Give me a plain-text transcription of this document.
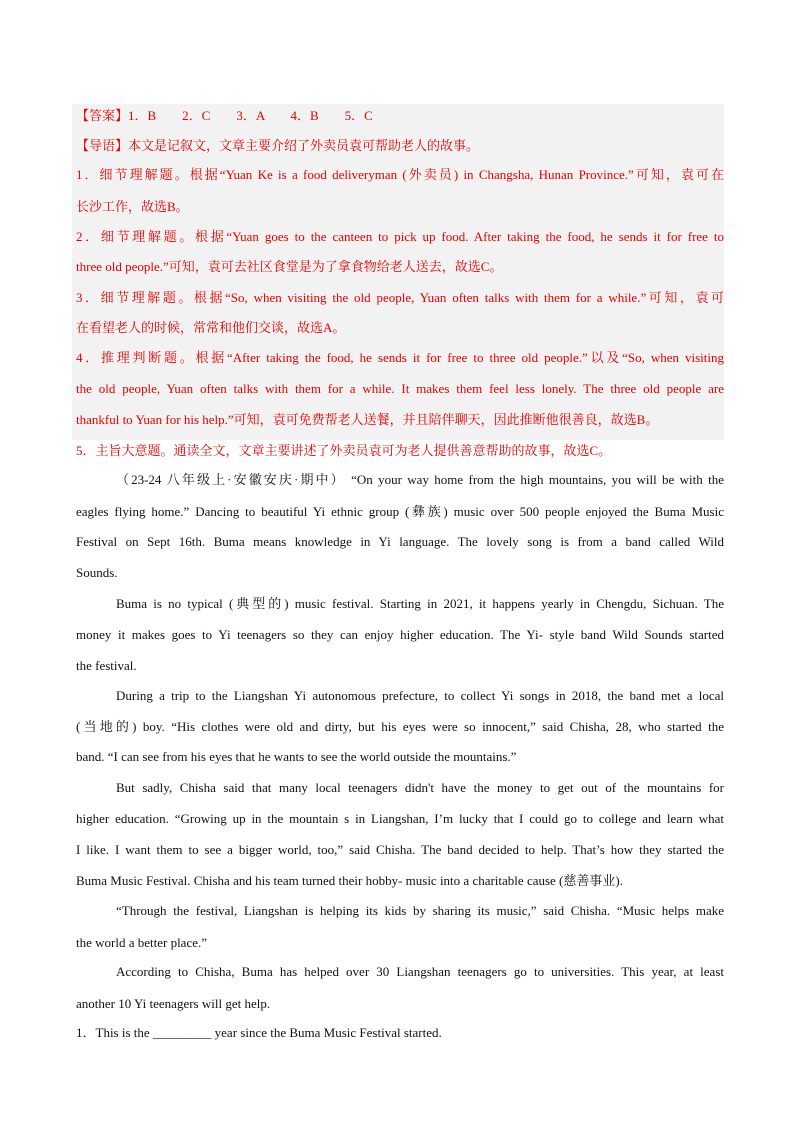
【答案】1．B　　2．C　　3．A　　4．B　　5．C
【导语】本文是记叙文，文章主要介绍了外卖员袁可帮助老人的故事。
1．细节理解题。根据“Yuan Ke is a food deliveryman (外卖员) in Changsha, Hunan Province.”可知，袁可在
长沙工作，故选B。
2．细节理解题。根据“Yuan goes to the canteen to pick up food. After taking the food, he sends it for free to
three old people.”可知，袁可去社区食堂是为了拿食物给老人送去，故选C。
3．细节理解题。根据“So, when visiting the old people, Yuan often talks with them for a while.”可知，袁可
在看望老人的时候，常常和他们交谈，故选A。
4．推理判断题。根据“After taking the food, he sends it for free to three old people.”以及“So, when visiting
the old people, Yuan often talks with them for a while. It makes them feel less lonely. The three old people are
thankful to Yuan for his help.”可知，袁可免费帮老人送餐，并且陪伴聊天，因此推断他很善良，故选B。
5．主旨大意题。通读全文，文章主要讲述了外卖员袁可为老人提供善意帮助的故事，故选C。
（23-24 八年级上·安徽安庆·期中） “On your way home from the high mountains, you will be with the
eagles flying home.” Dancing to beautiful Yi ethnic group (彝族) music over 500 people enjoyed the Buma Music
Festival on Sept 16th. Buma means knowledge in Yi language. The lovely song is from a band called Wild
Sounds.
Buma is no typical (典型的) music festival. Starting in 2021, it happens yearly in Chengdu, Sichuan. The
money it makes goes to Yi teenagers so they can enjoy higher education. The Yi- style band Wild Sounds started
the festival.
During a trip to the Liangshan Yi autonomous prefecture, to collect Yi songs in 2018, the band met a local
(当地的) boy. “His clothes were old and dirty, but his eyes were so innocent,” said Chisha, 28, who started the
band. “I can see from his eyes that he wants to see the world outside the mountains.”
But sadly, Chisha said that many local teenagers didn't have the money to get out of the mountains for
higher education. “Growing up in the mountain s in Liangshan, I’m lucky that I could go to college and learn what
I like. I want them to see a bigger world, too,” said Chisha. The band decided to help. That’s how they started the
Buma Music Festival. Chisha and his team turned their hobby- music into a charitable cause (慈善事业).
“Through the festival, Liangshan is helping its kids by sharing its music,” said Chisha. “Music helps make
the world a better place.”
According to Chisha, Buma has helped over 30 Liangshan teenagers go to universities. This year, at least
another 10 Yi teenagers will get help.
1．This is the _________ year since the Buma Music Festival started.
